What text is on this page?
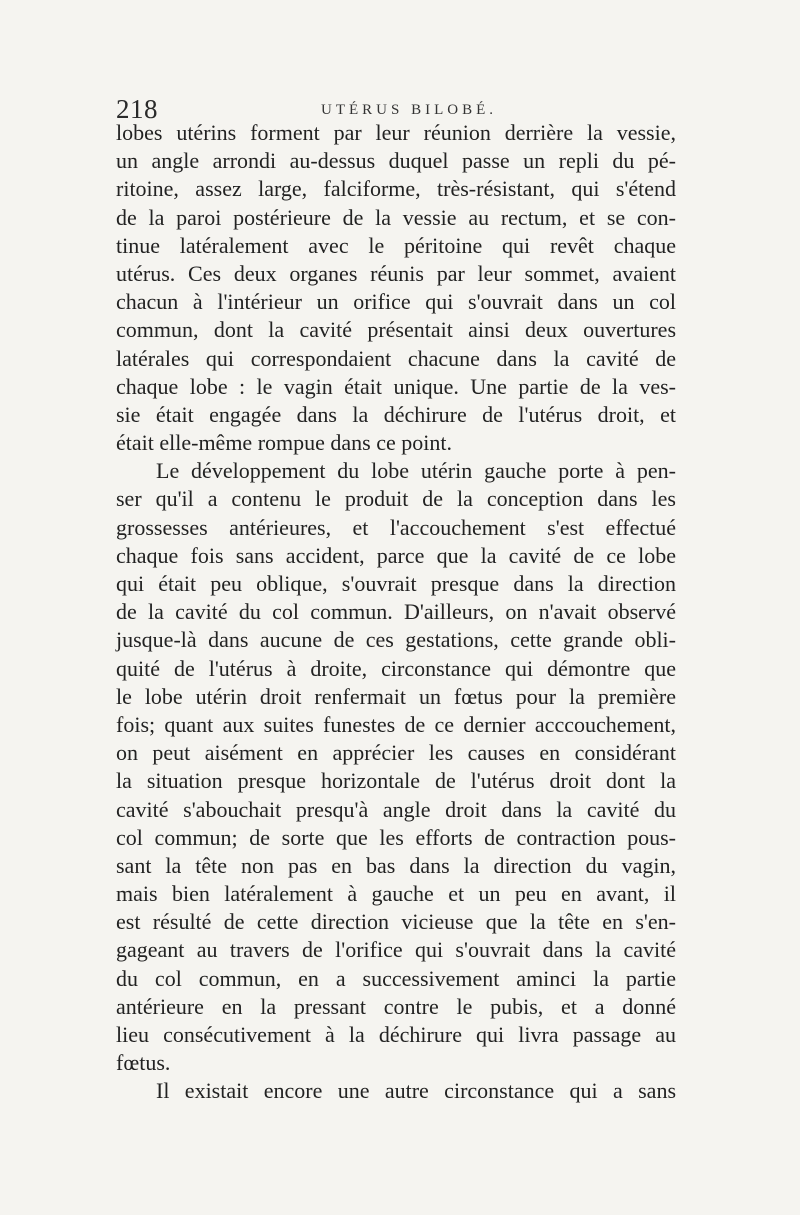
218	UTÉRUS BILOBÉ.
lobes utérins forment par leur réunion derrière la vessie,
un angle arrondi au-dessus duquel passe un repli du pé-
ritoine, assez large, falciforme, très-résistant, qui s'étend
de la paroi postérieure de la vessie au rectum, et se con-
tinue latéralement avec le péritoine qui revêt chaque
utérus. Ces deux organes réunis par leur sommet, avaient
chacun à l'intérieur un orifice qui s'ouvrait dans un col
commun, dont la cavité présentait ainsi deux ouvertures
latérales qui correspondaient chacune dans la cavité de
chaque lobe : le vagin était unique. Une partie de la ves-
sie était engagée dans la déchirure de l'utérus droit, et
était elle-même rompue dans ce point.
Le développement du lobe utérin gauche porte à pen-
ser qu'il a contenu le produit de la conception dans les
grossesses antérieures, et l'accouchement s'est effectué
chaque fois sans accident, parce que la cavité de ce lobe
qui était peu oblique, s'ouvrait presque dans la direction
de la cavité du col commun. D'ailleurs, on n'avait observé
jusque-là dans aucune de ces gestations, cette grande obli-
quité de l'utérus à droite, circonstance qui démontre que
le lobe utérin droit renfermait un fœtus pour la première
fois; quant aux suites funestes de ce dernier acccouchement,
on peut aisément en apprécier les causes en considérant
la situation presque horizontale de l'utérus droit dont la
cavité s'abouchait presqu'à angle droit dans la cavité du
col commun; de sorte que les efforts de contraction pous-
sant la tête non pas en bas dans la direction du vagin,
mais bien latéralement à gauche et un peu en avant, il
est résulté de cette direction vicieuse que la tête en s'en-
gageant au travers de l'orifice qui s'ouvrait dans la cavité
du col commun, en a successivement aminci la partie
antérieure en la pressant contre le pubis, et a donné
lieu consécutivement à la déchirure qui livra passage au
fœtus.
Il existait encore une autre circonstance qui a sans
